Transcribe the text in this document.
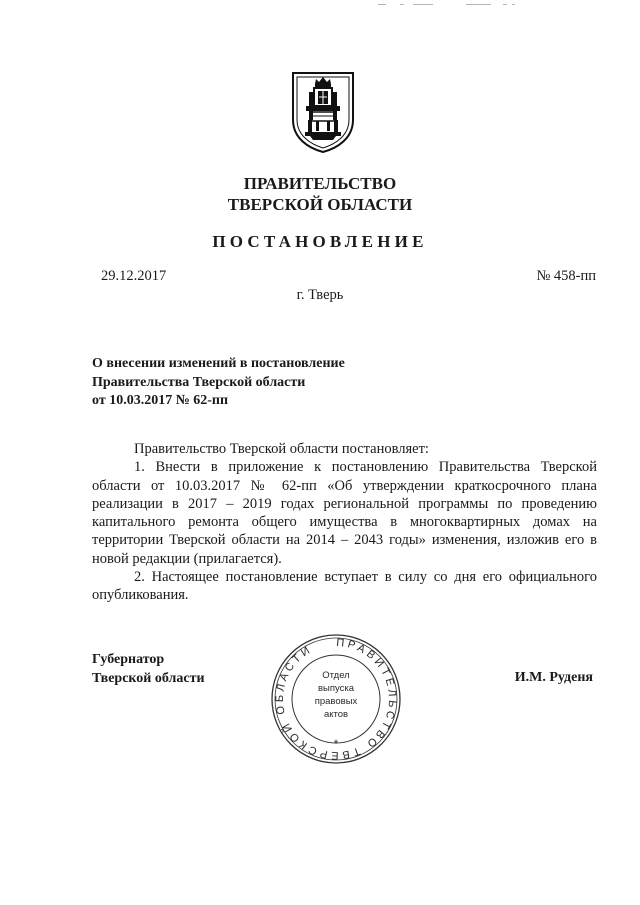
ПРАВИТЕЛЬСТВО
ТВЕРСКОЙ ОБЛАСТИ
ПОСТАНОВЛЕНИЕ
29.12.2017	№ 458-пп
г. Тверь
О внесении изменений в постановление
Правительства Тверской области
от 10.03.2017 № 62-пп

Правительство Тверской области постановляет:

1. Внести в приложение к постановлению Правительства Тверской области от 10.03.2017 № 62-пп «Об утверждении краткосрочного плана реализации в 2017 – 2019 годах региональной программы по проведению капитального ремонта общего имущества в многоквартирных домах на территории Тверской области на 2014 – 2043 годы» изменения, изложив его в новой редакции (прилагается).

2. Настоящее постановление вступает в силу со дня его официального опубликования.

Губернатор
Тверской области
ПРАВИТЕЛЬСТВО ТВЕРСКОЙ ОБЛАСТИ
Отдел
выпуска
правовых
актов
*
И.М. Руденя
